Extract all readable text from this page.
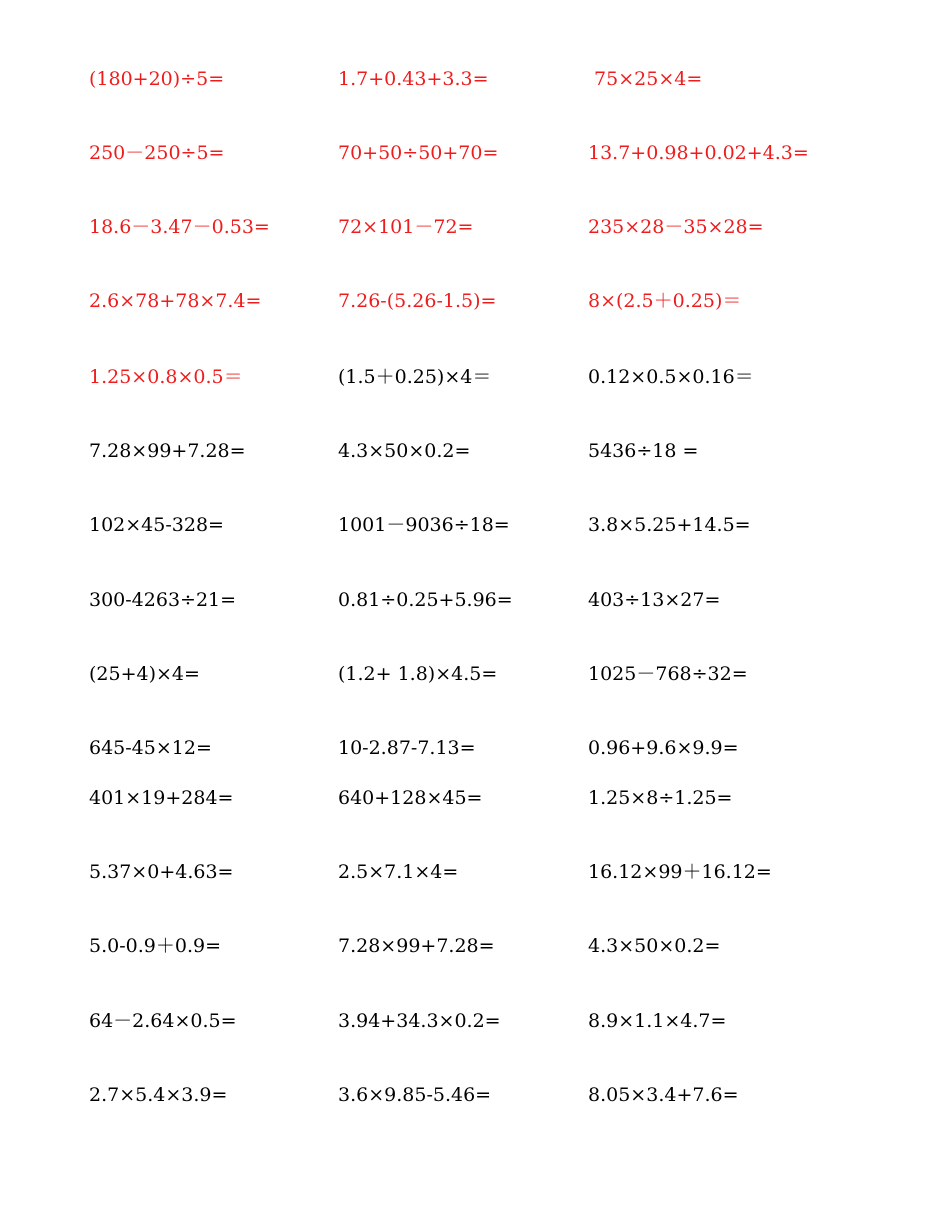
(180+20)÷5=	1.7+0.43+3.3=	75×25×4=
250－250÷5=	70+50÷50+70=	13.7+0.98+0.02+4.3=
18.6－3.47－0.53=	72×101－72=	235×28－35×28=
2.6×78+78×7.4=	7.26-(5.26-1.5)=	8×(2.5＋0.25)＝
1.25×0.8×0.5＝	(1.5＋0.25)×4＝	0.12×0.5×0.16＝
7.28×99+7.28=	4.3×50×0.2=	5436÷18 =
102×45-328=	1001－9036÷18=	3.8×5.25+14.5=
300-4263÷21=	0.81÷0.25+5.96=	403÷13×27=
(25+4)×4=	(1.2+ 1.8)×4.5=	1025－768÷32=
645-45×12=	10-2.87-7.13=	0.96+9.6×9.9=
401×19+284=	640+128×45=	1.25×8÷1.25=
5.37×0+4.63=	2.5×7.1×4=	16.12×99＋16.12=
5.0-0.9＋0.9=	7.28×99+7.28=	4.3×50×0.2=
64－2.64×0.5=	3.94+34.3×0.2=	8.9×1.1×4.7=
2.7×5.4×3.9=	3.6×9.85-5.46=	8.05×3.4+7.6=
